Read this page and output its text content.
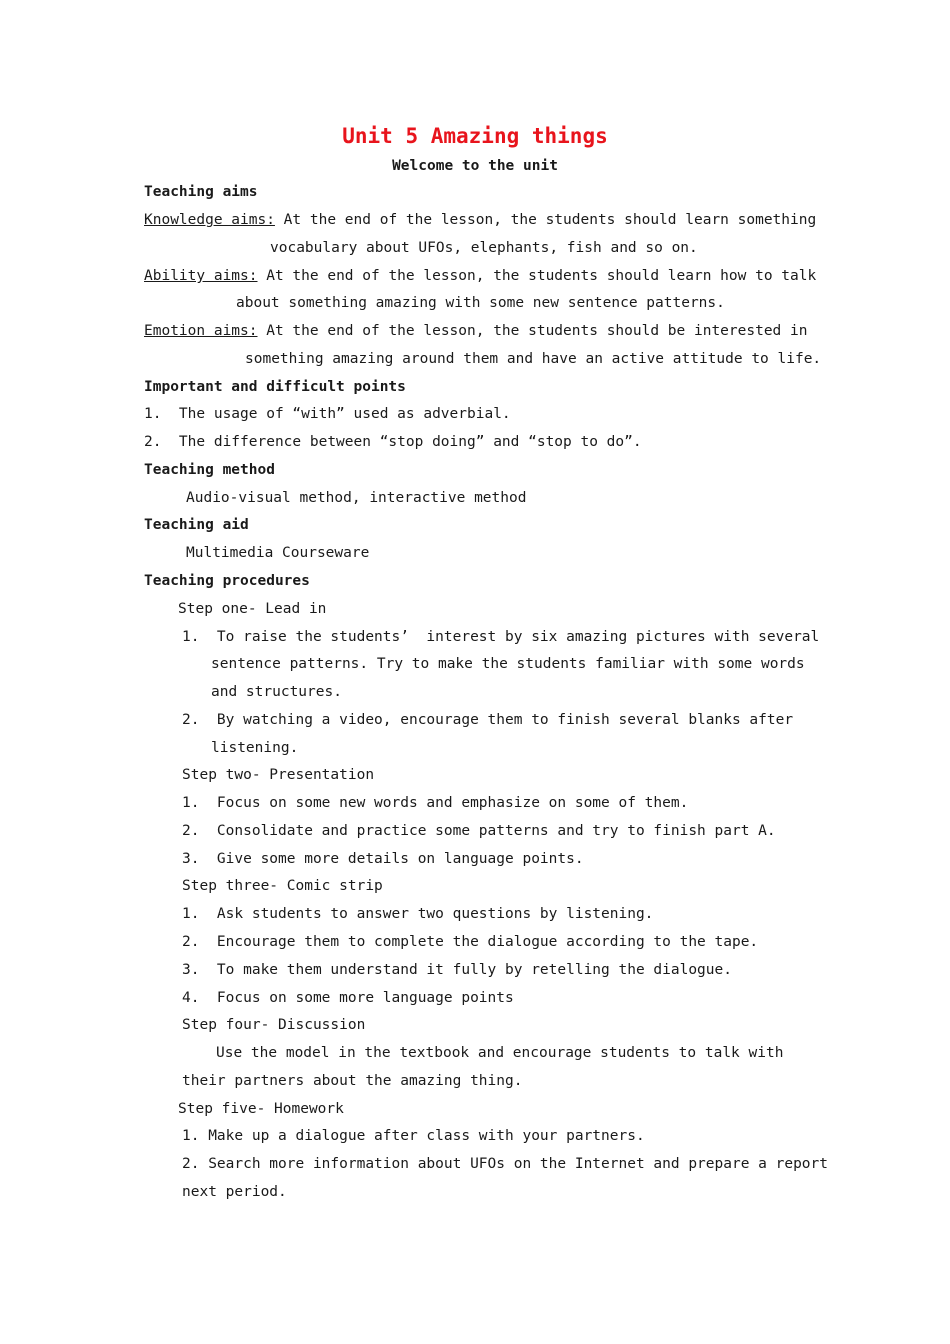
Unit 5 Amazing things
Welcome to the unit
Teaching aims
Knowledge aims: At the end of the lesson, the students should learn something
vocabulary about UFOs, elephants, fish and so on.
Ability aims: At the end of the lesson, the students should learn how to talk
about something amazing with some new sentence patterns.
Emotion aims: At the end of the lesson, the students should be interested in
something amazing around them and have an active attitude to life.
Important and difficult points
1.  The usage of “with” used as adverbial.
2.  The difference between “stop doing” and “stop to do”.
Teaching method
Audio-visual method, interactive method
Teaching aid
Multimedia Courseware
Teaching procedures
Step one- Lead in
1.  To raise the students’  interest by six amazing pictures with several
sentence patterns. Try to make the students familiar with some words
and structures.
2.  By watching a video, encourage them to finish several blanks after
listening.
Step two- Presentation
1.  Focus on some new words and emphasize on some of them.
2.  Consolidate and practice some patterns and try to finish part A.
3.  Give some more details on language points.
Step three- Comic strip
1.  Ask students to answer two questions by listening.
2.  Encourage them to complete the dialogue according to the tape.
3.  To make them understand it fully by retelling the dialogue.
4.  Focus on some more language points
Step four- Discussion
Use the model in the textbook and encourage students to talk with
their partners about the amazing thing.
Step five- Homework
1. Make up a dialogue after class with your partners.
2. Search more information about UFOs on the Internet and prepare a report
next period.
